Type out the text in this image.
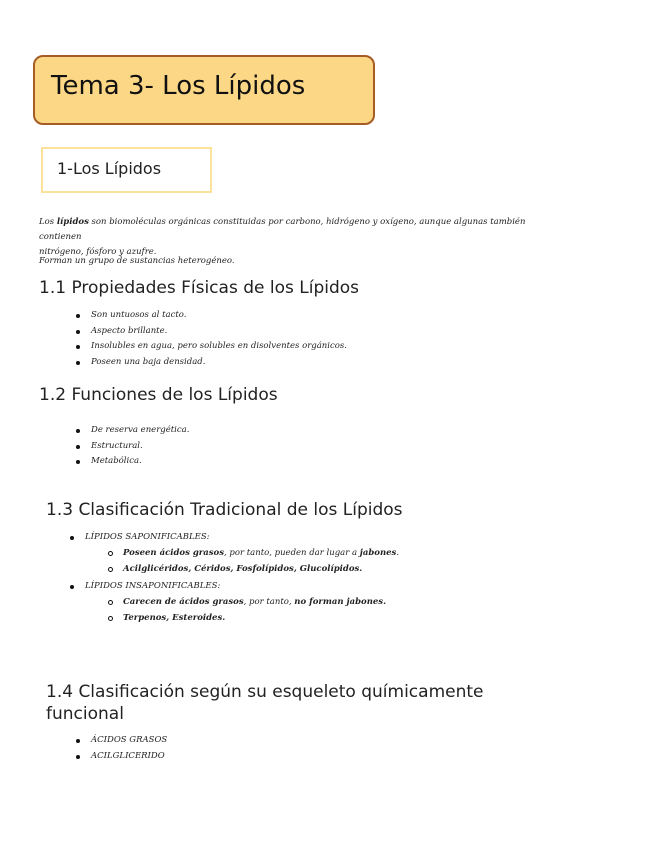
Tema 3- Los Lípidos
1-Los Lípidos
Los lípidos son biomoléculas orgánicas constituidas por carbono, hidrógeno y oxígeno, aunque algunas también contienen
nitrógeno, fósforo y azufre.
Forman un grupo de sustancias heterogéneo.
1.1 Propiedades Físicas de los Lípidos
Son untuosos al tacto.
Aspecto brillante.
Insolubles en agua, pero solubles en disolventes orgánicos.
Poseen una baja densidad.
1.2 Funciones de los Lípidos
De reserva energética.
Estructural.
Metabólica.
1.3 Clasificación Tradicional de los Lípidos
LÍPIDOS SAPONIFICABLES:
Poseen ácidos grasos, por tanto, pueden dar lugar a jabones.
Acilglicéridos, Céridos, Fosfolípidos, Glucolípidos.
LÍPIDOS INSAPONIFICABLES:
Carecen de ácidos grasos, por tanto, no forman jabones.
Terpenos, Esteroides.
1.4 Clasificación según su esqueleto químicamente
funcional
ÁCIDOS GRASOS
ACILGLICERIDO
